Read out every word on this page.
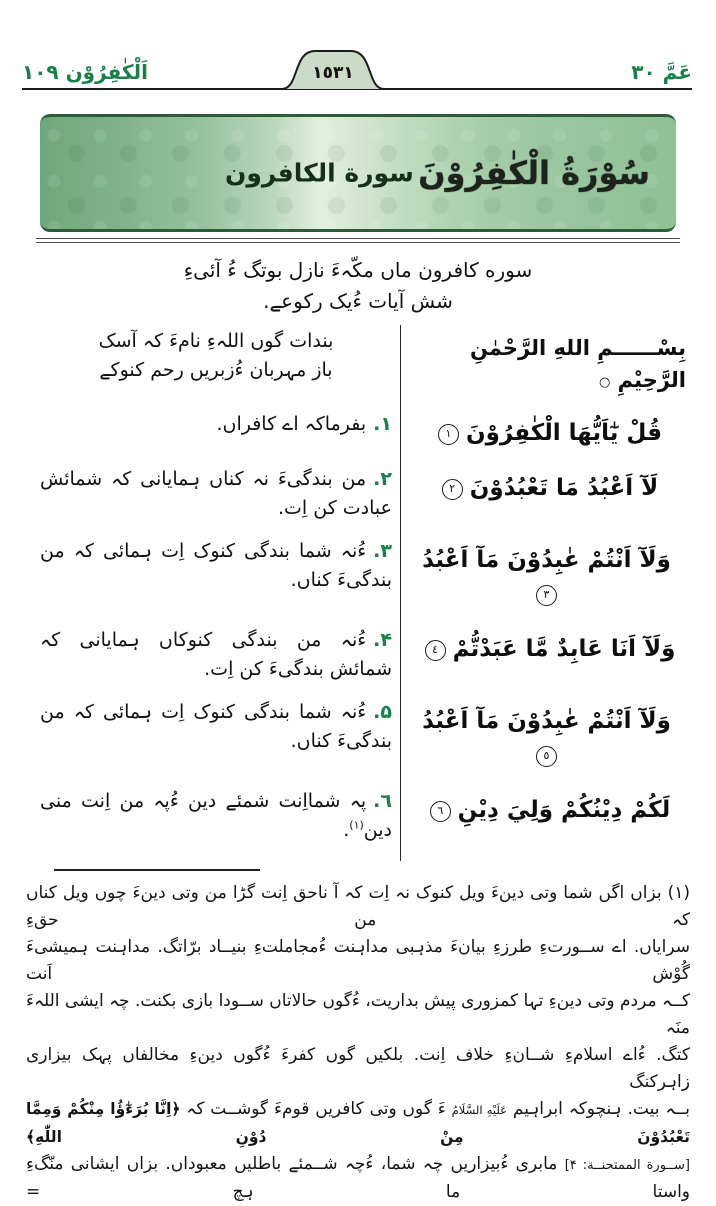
عَمَّ ٣٠
١٥٣١
اَلْكٰفِرُوْن ١٠٩
سُوْرَةُ الْكٰفِرُوْنَ
سورة الكافرون
سوره کافرون ماں مکّہءَ نازل بوتگ ءُ آئیءِ
شش آیات ءُیک رکوعے.
بِسْــــــمِ اللهِ الرَّحْمٰنِ الرَّحِیْمِ ○
بندات گوں اللہءِ نامءَ کہ آسک
باز مہربان ءُزبریں رحم کنوکے
قُلْ يٰٓاَيُّهَا الْكٰفِرُوْنَ١
١.بفرماکہ اے کافراں.
لَآ اَعْبُدُ مَا تَعْبُدُوْنَ٢
٢.من بندگیءَ نہ کناں ہمایانی کہ شمائش عبادت کن اِت.
وَلَآ اَنْتُمْ عٰبِدُوْنَ مَآ اَعْبُدُ٣
٣.ءُنہ شما بندگی کنوک اِت ہمائی کہ من بندگیءَ کناں.
وَلَآ اَنَا عَابِدٌ مَّا عَبَدْتُّمْ٤
۴.ءُنہ من بندگی کنوکاں ہمایانی کہ شمائش بندگیءَ کن اِت.
وَلَآ اَنْتُمْ عٰبِدُوْنَ مَآ اَعْبُدُ٥
۵.ءُنہ شما بندگی کنوک اِت ہمائی کہ من بندگیءَ کناں.
لَكُمْ دِيْنُكُمْ وَلِيَ دِيْنِ٦
٦.پہ شمااِنت شمئے دین ءُپہ من اِنت منی دین$^{(١)}$.
(١) بزاں اگں شما وتی دینءَ ویل کنوک نہ اِت کہ آ ناحق اِنت گڑا من وتی دینءَ چوں ویل کناں کہ من حقءِ
سرایاں. اے ســورتءِ طرزءِ بیانءَ مذہبی مداہنت ءُمجاملتءِ بنیــاد برّاتگ. مداہنت ہمیشیءَ گُوْش اَنت
کــہ مردم وتی دینءِ تہا کمزوری پیش بداریت، ءُگوں حالاتاں ســودا بازی بکنت. چہ ایشی اللہءَ منَہ
کتگ. ءُاے اسلامءِ شــانءِ خلاف اِنت. بلکیں گوں کفرءَ ءُگوں دینءِ مخالفاں پہک بیزاری زاہرکنگ
بــہ بیت. ہنچوکہ ابراہیم عَلَيْهِ السَّلَامُ ءَ گوں وتی کافریں قومءَ گوشــت کہ ﴿اِنَّا بُرَءٰٓؤُا مِنْكُمْ وَمِمَّا تَعْبُدُوْنَ مِنْ دُوْنِ اللّٰهِ﴾
[ســورة الممتحنــة: ۴] مابری ءُبیزاریں چہ شما، ءُچہ شــمئے باطلیں معبوداں. بزاں ایشانی منّگءِ واستا ما ہچ =
